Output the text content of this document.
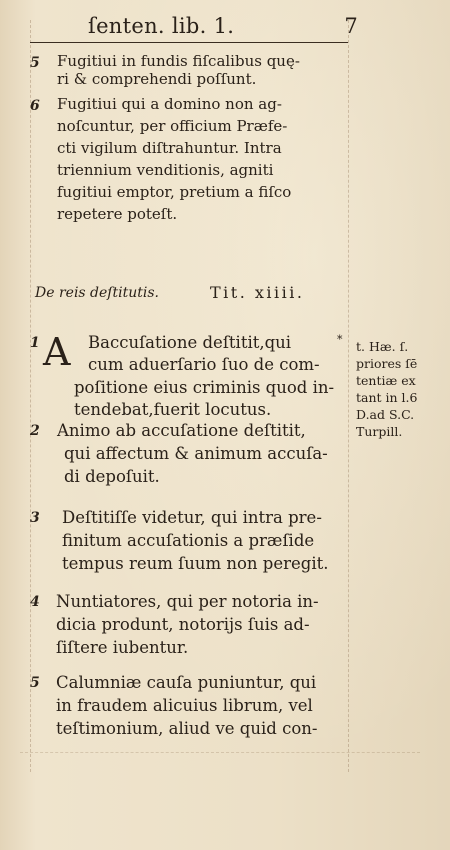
ſenten. lib. 1.	7
5 Fugitiui in fundis fiſcalibus quę-
ri & comprehendi poſſunt.
6 Fugitiui qui a domino non ag-
noſcuntur, per officium Præfe-
cti vigilum diſtrahuntur. Intra
triennium venditionis, agniti
fugitiui emptor, pretium a fiſco
repetere poteſt.
De reis deſtitutis.	Tit. xiiii.
A
1	Baccuſatione deſtitit,qui
cum aduerſario ſuo de com-
poſitione eius criminis quod in-
tendebat,fuerit locutus.
2 Animo ab accuſatione deſtitit,
qui affectum & animum accuſa-
di depoſuit.
3 Deſtitiſſe videtur, qui intra pre-
finitum accuſationis a præſide
tempus reum ſuum non peregit.
4 Nuntiatores, qui per notoria in-
dicia produnt, notorijs ſuis ad-
ſiſtere iubentur.
5 Calumniæ cauſa puniuntur, qui
in fraudem alicuius librum, vel
teſtimonium, aliud ve quid con-
* t. Hæ. ſ.
priores ſē
tentiæ ex
tant in l.6
D.ad S.C.
Turpill.
